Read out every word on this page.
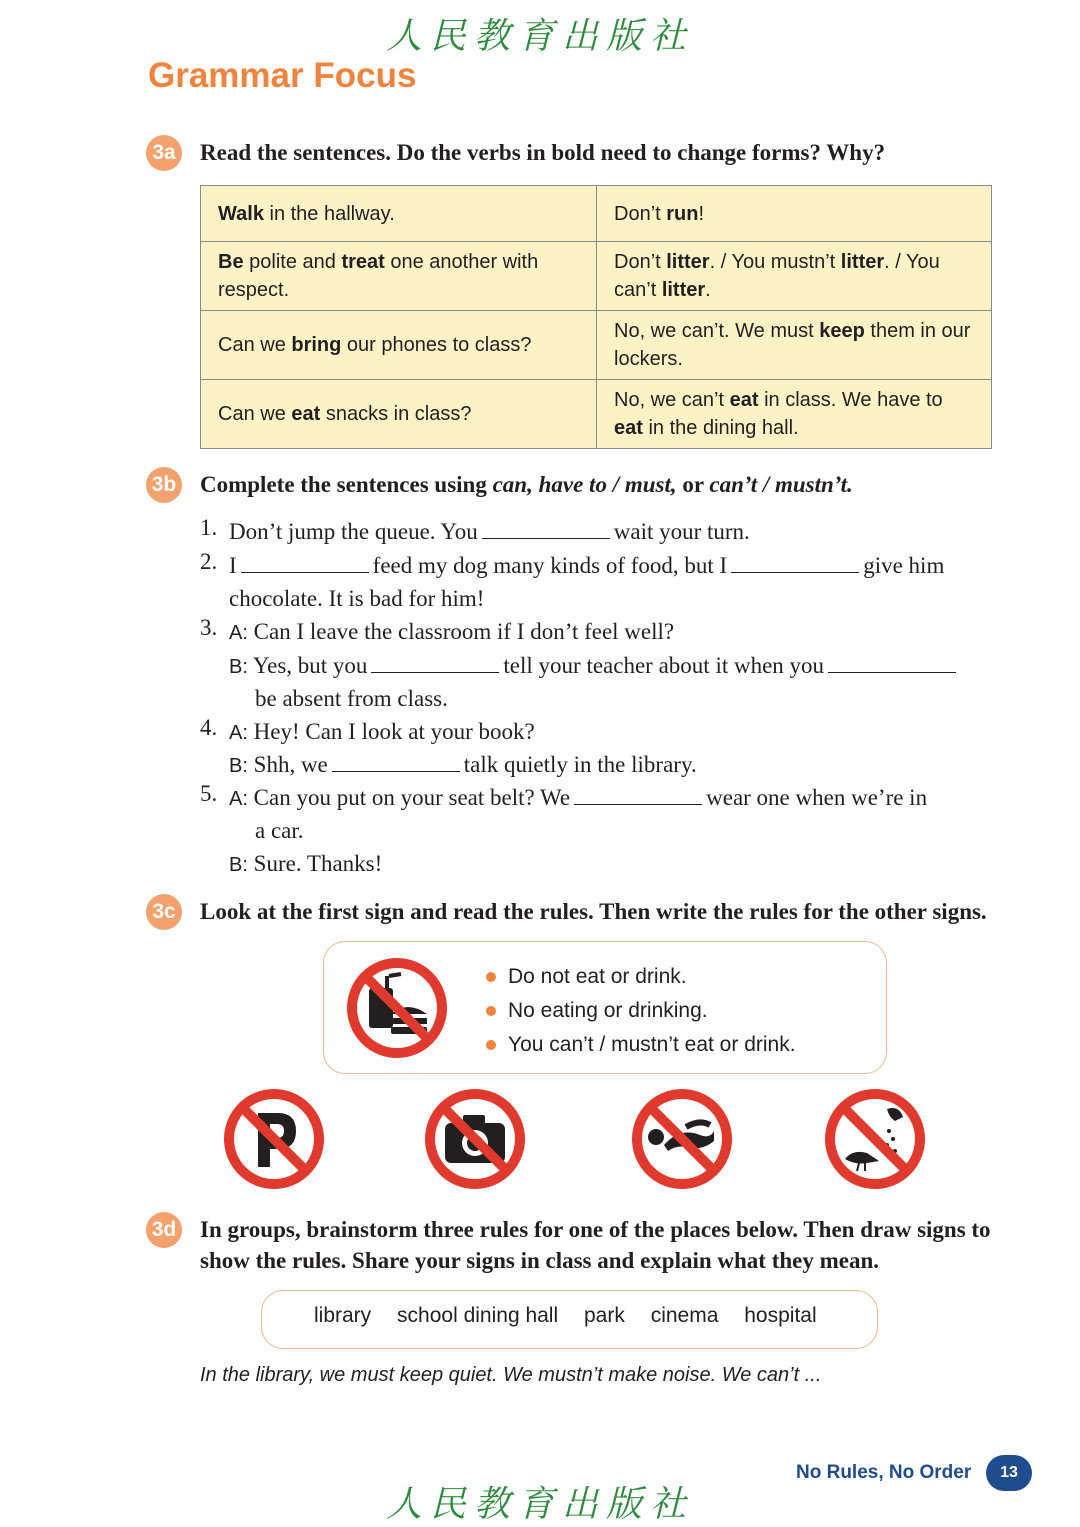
人民教育出版社
Grammar Focus
3a Read the sentences. Do the verbs in bold need to change forms? Why?
Walk in the hallway.	Don’t run!
Be polite and treat one another with respect.	Don’t litter. / You mustn’t litter. / You can’t litter.
Can we bring our phones to class?	No, we can’t. We must keep them in our lockers.
Can we eat snacks in class?	No, we can’t eat in class. We have to eat in the dining hall.
3b Complete the sentences using can, have to / must, or can’t / mustn’t.
1. Don’t jump the queue. You	wait your turn.
2. I	feed my dog many kinds of food, but I	give him
chocolate. It is bad for him!
3. A: Can I leave the classroom if I don’t feel well?
B: Yes, but you	tell your teacher about it when you
be absent from class.
4. A: Hey! Can I look at your book?
B: Shh, we	talk quietly in the library.
5. A: Can you put on your seat belt? We	wear one when we’re in
a car.
B: Sure. Thanks!
3c Look at the first sign and read the rules. Then write the rules for the other signs.
Do not eat or drink.
No eating or drinking.
You can’t / mustn’t eat or drink.
3d In groups, brainstorm three rules for one of the places below. Then draw signs to show the rules. Share your signs in class and explain what they mean.
library school dining hall park cinema hospital
In the library, we must keep quiet. We mustn’t make noise. We can’t ...
No Rules, No Order	13
人民教育出版社
